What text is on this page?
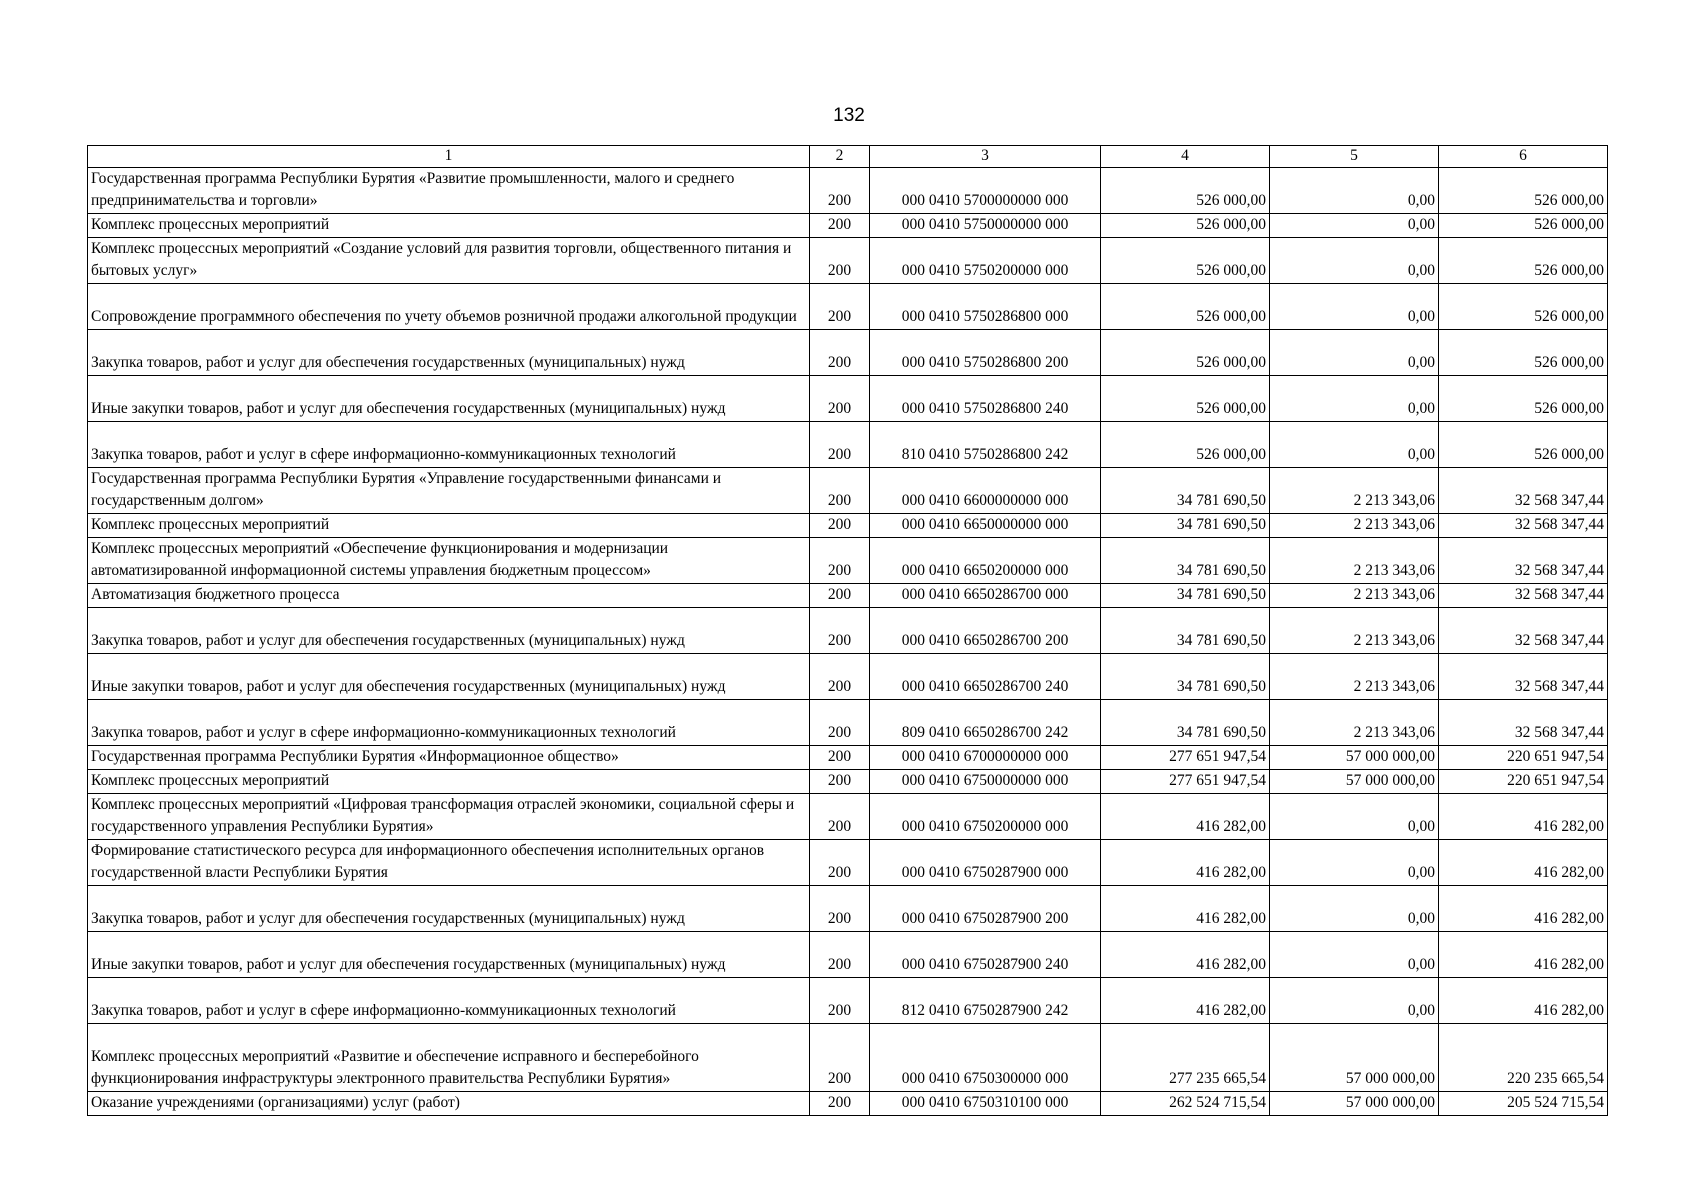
132
1	2	3	4	5	6
Государственная программа Республики Бурятия «Развитие промышленности, малого и среднего предпринимательства и торговли»	200	000 0410 5700000000 000	526 000,00	0,00	526 000,00
Комплекс процессных мероприятий	200	000 0410 5750000000 000	526 000,00	0,00	526 000,00
Комплекс процессных мероприятий «Создание условий для развития торговли, общественного питания и бытовых услуг»	200	000 0410 5750200000 000	526 000,00	0,00	526 000,00
Сопровождение программного обеспечения по учету объемов розничной продажи алкогольной продукции	200	000 0410 5750286800 000	526 000,00	0,00	526 000,00
Закупка товаров, работ и услуг для обеспечения государственных (муниципальных) нужд	200	000 0410 5750286800 200	526 000,00	0,00	526 000,00
Иные закупки товаров, работ и услуг для обеспечения государственных (муниципальных) нужд	200	000 0410 5750286800 240	526 000,00	0,00	526 000,00
Закупка товаров, работ и услуг в сфере информационно-коммуникационных технологий	200	810 0410 5750286800 242	526 000,00	0,00	526 000,00
Государственная программа Республики Бурятия «Управление государственными финансами и государственным долгом»	200	000 0410 6600000000 000	34 781 690,50	2 213 343,06	32 568 347,44
Комплекс процессных мероприятий	200	000 0410 6650000000 000	34 781 690,50	2 213 343,06	32 568 347,44
Комплекс процессных мероприятий «Обеспечение функционирования и модернизации автоматизированной информационной системы управления бюджетным процессом»	200	000 0410 6650200000 000	34 781 690,50	2 213 343,06	32 568 347,44
Автоматизация бюджетного процесса	200	000 0410 6650286700 000	34 781 690,50	2 213 343,06	32 568 347,44
Закупка товаров, работ и услуг для обеспечения государственных (муниципальных) нужд	200	000 0410 6650286700 200	34 781 690,50	2 213 343,06	32 568 347,44
Иные закупки товаров, работ и услуг для обеспечения государственных (муниципальных) нужд	200	000 0410 6650286700 240	34 781 690,50	2 213 343,06	32 568 347,44
Закупка товаров, работ и услуг в сфере информационно-коммуникационных технологий	200	809 0410 6650286700 242	34 781 690,50	2 213 343,06	32 568 347,44
Государственная программа Республики Бурятия «Информационное общество»	200	000 0410 6700000000 000	277 651 947,54	57 000 000,00	220 651 947,54
Комплекс процессных мероприятий	200	000 0410 6750000000 000	277 651 947,54	57 000 000,00	220 651 947,54
Комплекс процессных мероприятий «Цифровая трансформация отраслей экономики, социальной сферы и государственного управления Республики Бурятия»	200	000 0410 6750200000 000	416 282,00	0,00	416 282,00
Формирование статистического ресурса для информационного обеспечения исполнительных органов государственной власти Республики Бурятия	200	000 0410 6750287900 000	416 282,00	0,00	416 282,00
Закупка товаров, работ и услуг для обеспечения государственных (муниципальных) нужд	200	000 0410 6750287900 200	416 282,00	0,00	416 282,00
Иные закупки товаров, работ и услуг для обеспечения государственных (муниципальных) нужд	200	000 0410 6750287900 240	416 282,00	0,00	416 282,00
Закупка товаров, работ и услуг в сфере информационно-коммуникационных технологий	200	812 0410 6750287900 242	416 282,00	0,00	416 282,00
Комплекс процессных мероприятий «Развитие и обеспечение исправного и бесперебойного функционирования инфраструктуры электронного правительства Республики Бурятия»	200	000 0410 6750300000 000	277 235 665,54	57 000 000,00	220 235 665,54
Оказание учреждениями (организациями) услуг (работ)	200	000 0410 6750310100 000	262 524 715,54	57 000 000,00	205 524 715,54
